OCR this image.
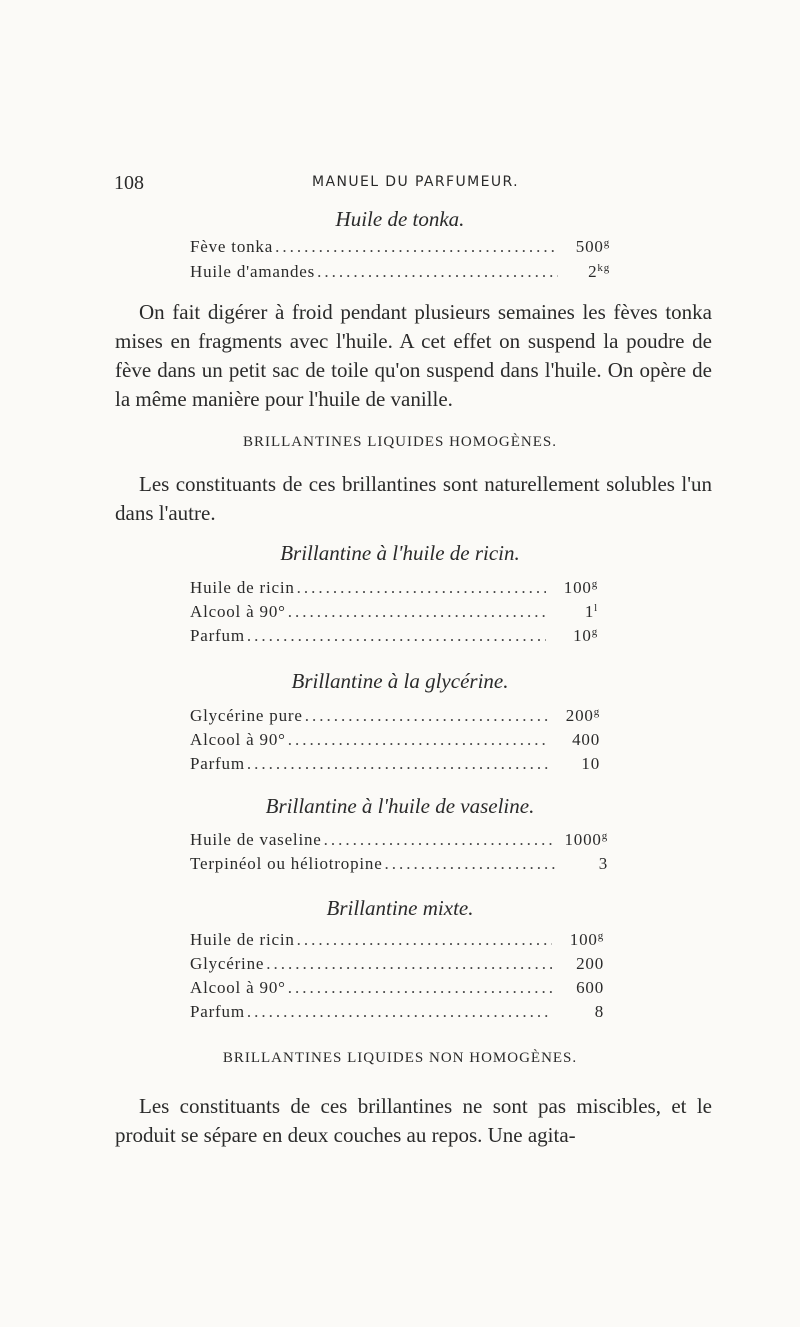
108	MANUEL DU PARFUMEUR.
Huile de tonka.
Fève tonka .....	500$^g$
Huile d'amandes .....	$2^{kg}$
On fait digérer à froid pendant plusieurs semaines les fèves tonka mises en fragments avec l'huile. A cet effet on suspend la poudre de fève dans un petit sac de toile qu'on suspend dans l'huile. On opère de la même manière pour l'huile de vanille.
BRILLANTINES LIQUIDES HOMOGÈNES.
Les constituants de ces brillantines sont naturellement solubles l'un dans l'autre.
Brillantine à l'huile de ricin.
Huile de ricin .....	100$^g$
Alcool à 90° .....	1$^l$
Parfum .....	10$^g$
Brillantine à la glycérine.
Glycérine pure .....	200$^g$
Alcool à 90° .....	400
Parfum .....	10
Brillantine à l'huile de vaseline.
Huile de vaseline .....	1000$^g$
Terpinéol ou héliotropine .....	3
Brillantine mixte.
Huile de ricin .....	100$^g$
Glycérine .....	200
Alcool à 90° .....	600
Parfum .....	8
BRILLANTINES LIQUIDES NON HOMOGÈNES.
Les constituants de ces brillantines ne sont pas miscibles, et le produit se sépare en deux couches au repos. Une agita-
